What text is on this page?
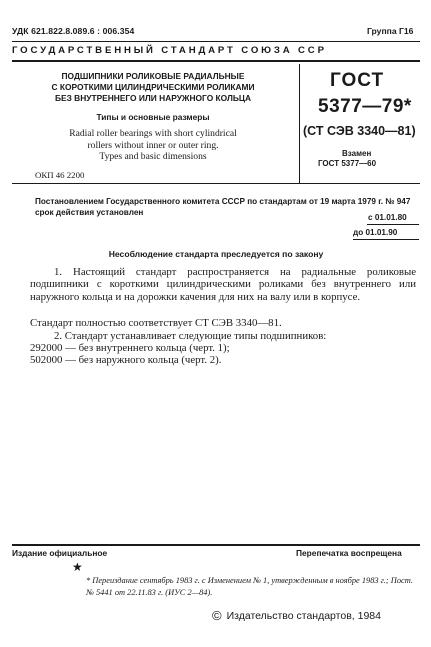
УДК 621.822.8.089.6 : 006.354	Группа Г16
ГОСУДАРСТВЕННЫЙ СТАНДАРТ СОЮЗА ССР
ПОДШИПНИКИ РОЛИКОВЫЕ РАДИАЛЬНЫЕ
С КОРОТКИМИ ЦИЛИНДРИЧЕСКИМИ РОЛИКАМИ
БЕЗ ВНУТРЕННЕГО ИЛИ НАРУЖНОГО КОЛЬЦА
Типы и основные размеры
Radial roller bearings with short cylindrical
rollers without inner or outer ring.
Types and basic dimensions
ОКП 46 2200
ГОСТ
5377—79*
(СТ СЭВ 3340—81)
Взамен
ГОСТ 5377—60
Постановлением Государственного комитета СССР по стандартам от 19 марта 1979 г. № 947 срок действия установлен
с 01.01.80
до 01.01.90
Несоблюдение стандарта преследуется по закону
1. Настоящий стандарт распространяется на радиальные роликовые подшипники с короткими цилиндрическими роликами без внутреннего или наружного кольца и на дорожки качения для них на валу или в корпусе.
Стандарт полностью соответствует СТ СЭВ 3340—81.
2. Стандарт устанавливает следующие типы подшипников:
292000 — без внутреннего кольца (черт. 1);
502000 — без наружного кольца (черт. 2).
Издание официальное	Перепечатка воспрещена
★
* Переиздание сентябрь 1983 г. с Изменением № 1, утвержденным в ноябре 1983 г.; Пост. № 5441 от 22.11.83 г. (ИУС 2—84).
© Издательство стандартов, 1984
